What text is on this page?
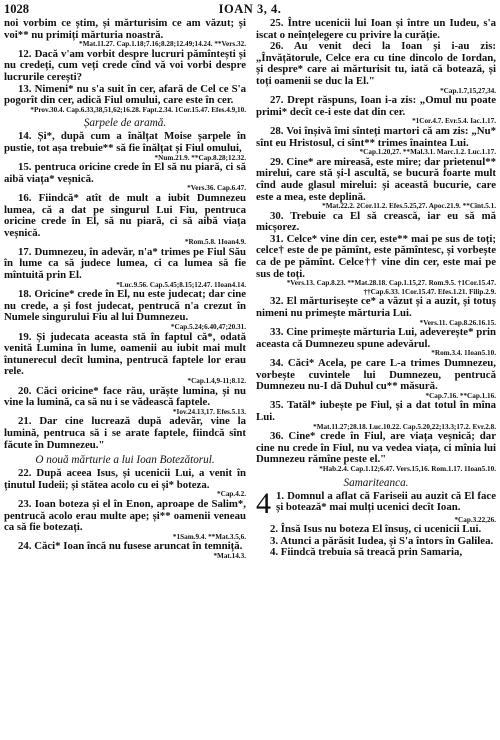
1028	IOAN 3, 4.

noi vorbim ce știm, și mărturisim ce am văzut; și voi** nu primiți mărturia noastră.

*Mat.11.27. Cap.1.18;7.16;8.28;12.49;14.24. **Vers.32.

12. Dacă v'am vorbit despre lucruri pămîntești și nu credeți, cum veți crede cînd vă voi vorbi despre lucrurile cerești?

13. Nimeni* nu s'a suit în cer, afară de Cel ce S'a pogorît din cer, adică Fiul omului, care este în cer.

*Prov.30.4. Cap.6.33,38,51,62;16.28. Fapt.2.34. 1Cor.15.47. Efes.4.9,10.
Șarpele de aramă.

14. Și*, după cum a înălțat Moise șarpele în pustie, tot așa trebuie** să fie înălțat și Fiul omului,

*Num.21.9. **Cap.8.28;12.32.

15. pentruca oricine crede în El să nu piară, ci să aibă viața* veșnică.

*Vers.36. Cap.6.47.

16. Fiindcă* atît de mult a iubit Dumnezeu lumea, că a dat pe singurul Lui Fiu, pentruca oricine crede în El, să nu piară, ci să aibă viața veșnică.

*Rom.5.8. 1Ioan4.9.

17. Dumnezeu, în adevăr, n'a* trimes pe Fiul Său în lume ca să judece lumea, ci ca lumea să fie mîntuită prin El.

*Luc.9.56. Cap.5.45;8.15;12.47. 1Ioan4.14.

18. Oricine* crede în El, nu este judecat; dar cine nu crede, a și fost judecat, pentrucă n'a crezut în Numele singurului Fiu al lui Dumnezeu.

*Cap.5.24;6.40,47;20.31.

19. Și judecata aceasta stă în faptul că*, odată venită Lumina în lume, oamenii au iubit mai mult întunerecul decît lumina, pentrucă faptele lor erau rele.

*Cap.1.4,9-11;8.12.

20. Căci oricine* face rău, urăște lumina, și nu vine la lumină, ca să nu i se vădească faptele.

*Iov.24.13,17. Efes.5.13.

21. Dar cine lucrează după adevăr, vine la lumină, pentruca să i se arate faptele, fiindcă sînt făcute în Dumnezeu."

O nouă mărturie a lui Ioan Botezătorul.

22. După aceea Isus, și ucenicii Lui, a venit în ținutul Iudeii; și stătea acolo cu ei și* boteza.

*Cap.4.2.

23. Ioan boteza și el în Enon, aproape de Salim*, pentrucă acolo erau multe ape; și** oamenii veneau ca să fie botezați.

*1Sam.9.4. **Mat.3.5,6.

24. Căci* Ioan încă nu fusese aruncat în temniță.

*Mat.14.3.

25. Între ucenicii lui Ioan și între un Iudeu, s'a iscat o neînțelegere cu privire la curăție.

26. Au venit deci la Ioan și i-au zis: „Învățătorule, Celce era cu tine dincolo de Iordan, și despre* care ai mărturisit tu, iată că botează, și toți oamenii se duc la El."

*Cap.1.7,15,27,34.

27. Drept răspuns, Ioan i-a zis: „Omul nu poate primi* decît ce-i este dat din cer.

*1Cor.4.7. Evr.5.4. Iac.1.17.

28. Voi înșivă îmi sînteți martori că am zis: „Nu* sînt eu Hristosul, ci sînt** trimes înaintea Lui.

*Cap.1.20,27. **Mal.3.1. Marc.1.2. Luc.1.17.

29. Cine* are mireasă, este mire; dar prietenul** mirelui, care stă și-l ascultă, se bucură foarte mult cînd aude glasul mirelui: și această bucurie, care este a mea, este deplină.

*Mat.22.2. 2Cor.11.2. Efes.5.25,27. Apoc.21.9. **Cînt.5.1.

30. Trebuie ca El să crească, iar eu să mă micșorez.

31. Celce* vine din cer, este** mai pe sus de toți; celce† este de pe pămînt, este pămîntesc, și vorbește ca de pe pămînt. Celce†† vine din cer, este mai pe sus de toți.

*Vers.13. Cap.8.23. **Mat.28.18. Cap.1.15,27. Rom.9.5. †1Cor.15.47. ††Cap.6.33. 1Cor.15.47. Efes.1.21. Filip.2.9.

32. El mărturisește ce* a văzut și a auzit, și totuș nimeni nu primește mărturia Lui.

*Vers.11. Cap.8.26.16.15.

33. Cine primește mărturia Lui, adeverește* prin aceasta că Dumnezeu spune adevărul.

*Rom.3.4. 1Ioan5.10.

34. Căci* Acela, pe care L-a trimes Dumnezeu, vorbește cuvintele lui Dumnezeu, pentrucă Dumnezeu nu-I dă Duhul cu** măsură.

*Cap.7.16. **Cap.1.16.

35. Tatăl* iubește pe Fiul, și a dat totul în mîna Lui.

*Mat.11.27;28.18. Luc.10.22. Cap.5.20,22;13.3;17.2. Evr.2.8.

36. Cine* crede în Fiul, are viața veșnică; dar cine nu crede în Fiul, nu va vedea viața, ci mînia lui Dumnezeu rămîne peste el."

*Hab.2.4. Cap.1.12;6.47. Vers.15,16. Rom.1.17. 1Ioan5.10.
Samariteanca.
4 1. Domnul a aflat că Fariseii au auzit că El face și botează* mai mulți ucenici decît Ioan.

*Cap.3.22,26.

2. Însă Isus nu boteza El însuș, ci ucenicii Lui.

3. Atunci a părăsit Iudea, și S'a întors în Galilea.

4. Fiindcă trebuia să treacă prin Samaria,
